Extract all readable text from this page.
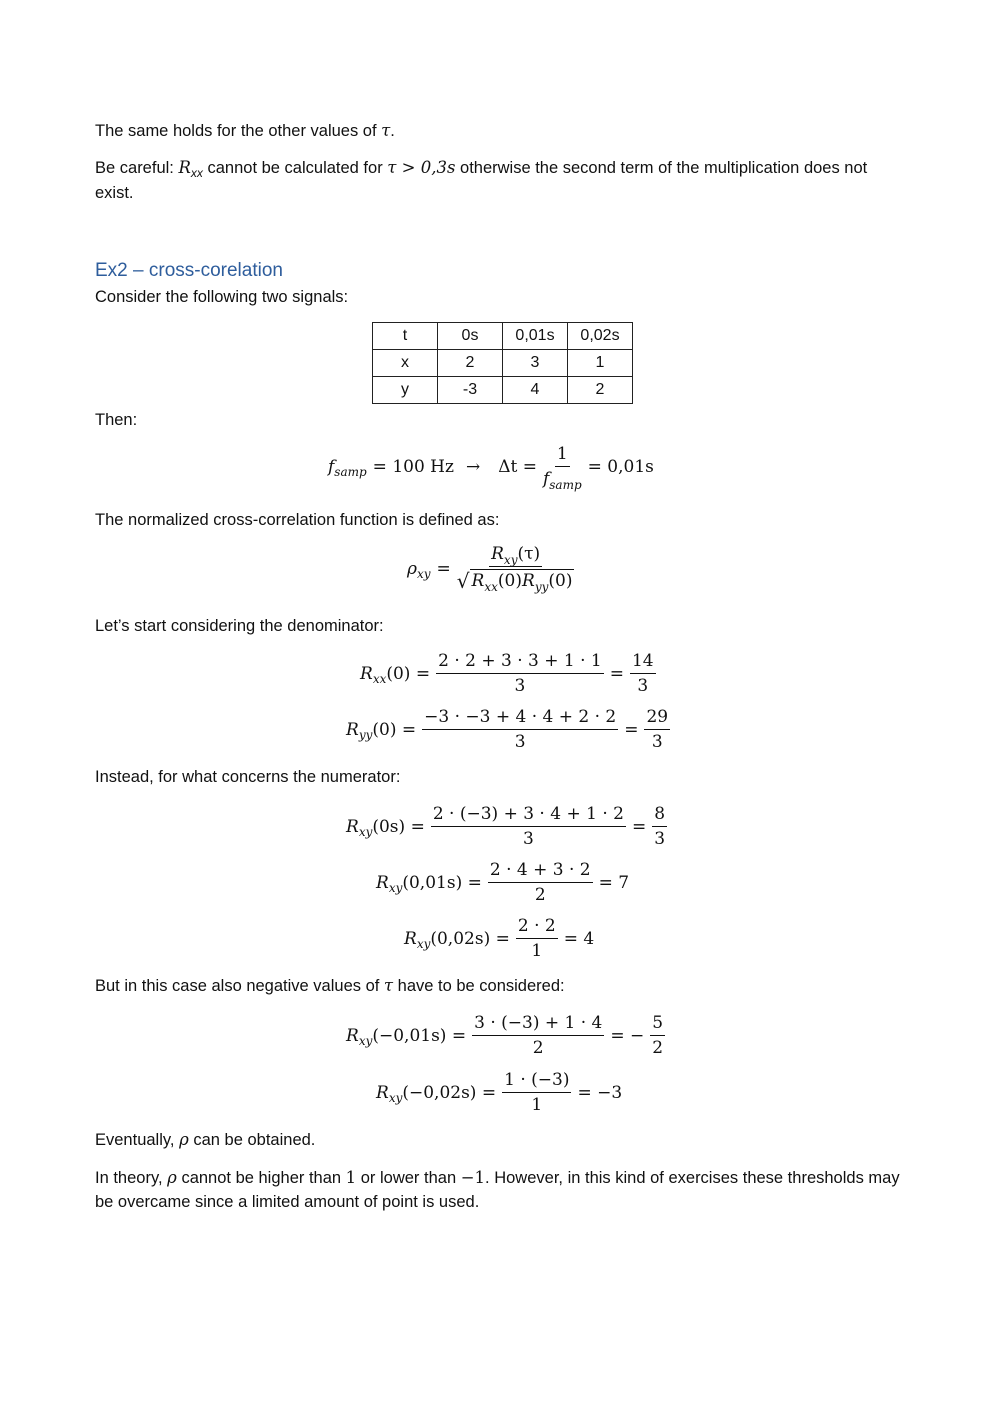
The same holds for the other values of τ.
Be careful: $R_{xx}$ cannot be calculated for τ > 0,3s otherwise the second term of the multiplication does not exist.
Ex2 – cross-corelation
Consider the following two signals:
t	0s	0,01s	0,02s
x	2	3	1
y	-3	4	2
Then:
f samp = 100 $Hz \to \Delta t = \frac{1}{f_{samp}} = 0,01s$
The normalized cross-correlation function is defined as:
ρ xy = $\frac{R_{xy}(\tau)}{√ R_{xx}(0)R_{yy}(0)}$
Let’s start considering the denominator:
R xx $(0) = \frac{2 \cdot 2 + 3 \cdot 3 + 1 \cdot 1}{3} = \frac{14}{3}$
R yy $(0) = \frac{-3 \cdot -3 + 4 \cdot 4 + 2 \cdot 2}{3} = \frac{29}{3}$
Instead, for what concerns the numerator:
R xy $(0s) = \frac{2 \cdot (-3) + 3 \cdot 4 + 1 \cdot 2}{3} = \frac{8}{3}$
R xy $(0,01s) = \frac{2 \cdot 4 + 3 \cdot 2}{2} = 7$
R xy $(0,02s) = \frac{2 \cdot 2}{1} = 4$
But in this case also negative values of τ have to be considered:
R xy $(-0,01s) = \frac{3 \cdot (-3) + 1 \cdot 4}{2}$ = − $\frac{5}{2}$
R xy $(-0,02s) = \frac{1 \cdot (-3)}{1} = -3$
Eventually, ρ can be obtained.
In theory, ρ cannot be higher than 1 or lower than −1. However, in this kind of exercises these thresholds may be overcame since a limited amount of point is used.
